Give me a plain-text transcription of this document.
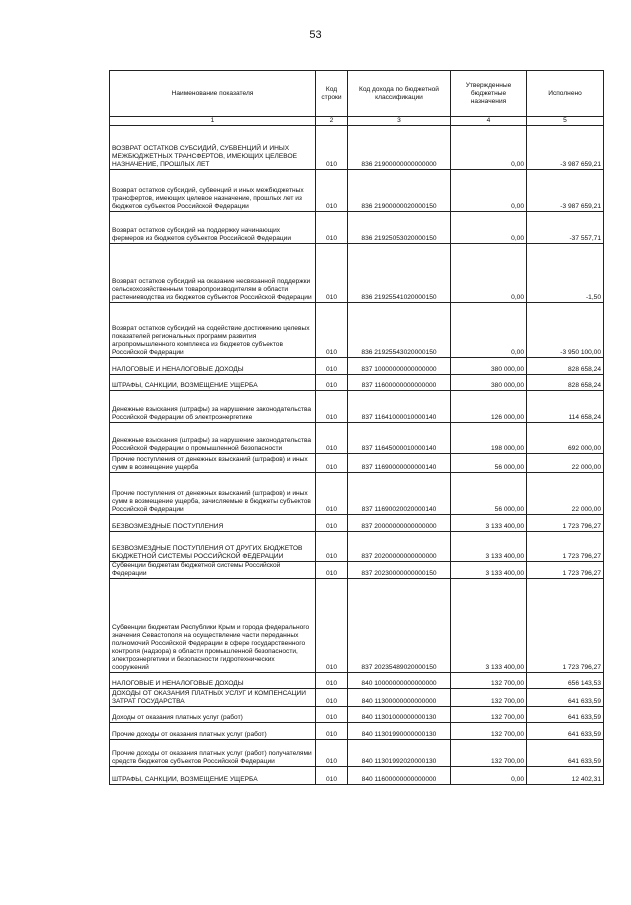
53
Наименование показателя	Код строки	Код дохода по бюджетной классификации	Утвержденные бюджетные назначения	Исполнено
1	2	3	4	5
ВОЗВРАТ ОСТАТКОВ СУБСИДИЙ, СУБВЕНЦИЙ И ИНЫХ МЕЖБЮДЖЕТНЫХ ТРАНСФЕРТОВ, ИМЕЮЩИХ ЦЕЛЕВОЕ НАЗНАЧЕНИЕ, ПРОШЛЫХ ЛЕТ	010	836 21900000000000000	0,00	-3 987 659,21
Возврат остатков субсидий, субвенций и иных межбюджетных трансфертов, имеющих целевое назначение, прошлых лет из бюджетов субъектов Российской Федерации	010	836 21900000020000150	0,00	-3 987 659,21
Возврат остатков субсидий на поддержку начинающих фермеров из бюджетов субъектов Российской Федерации	010	836 21925053020000150	0,00	-37 557,71
Возврат остатков субсидий на оказание несвязанной поддержки сельскохозяйственным товаропроизводителям в области растениеводства из бюджетов субъектов Российской Федерации	010	836 21925541020000150	0,00	-1,50
Возврат остатков субсидий на содействие достижению целевых показателей региональных программ развития агропромышленного комплекса из бюджетов субъектов Российской Федерации	010	836 21925543020000150	0,00	-3 950 100,00
НАЛОГОВЫЕ И НЕНАЛОГОВЫЕ ДОХОДЫ	010	837 10000000000000000	380 000,00	828 658,24
ШТРАФЫ, САНКЦИИ, ВОЗМЕЩЕНИЕ УЩЕРБА	010	837 11600000000000000	380 000,00	828 658,24
Денежные взыскания (штрафы) за нарушение законодательства Российской Федерации об электроэнергетике	010	837 11641000010000140	126 000,00	114 658,24
Денежные взыскания (штрафы) за нарушение законодательства Российской Федерации о промышленной безопасности	010	837 11645000010000140	198 000,00	692 000,00
Прочие поступления от денежных взысканий (штрафов) и иных сумм в возмещение ущерба	010	837 11690000000000140	56 000,00	22 000,00
Прочие поступления от денежных взысканий (штрафов) и иных сумм в возмещение ущерба, зачисляемые в бюджеты субъектов Российской Федерации	010	837 11690020020000140	56 000,00	22 000,00
БЕЗВОЗМЕЗДНЫЕ ПОСТУПЛЕНИЯ	010	837 20000000000000000	3 133 400,00	1 723 796,27
БЕЗВОЗМЕЗДНЫЕ ПОСТУПЛЕНИЯ ОТ ДРУГИХ БЮДЖЕТОВ БЮДЖЕТНОЙ СИСТЕМЫ РОССИЙСКОЙ ФЕДЕРАЦИИ	010	837 20200000000000000	3 133 400,00	1 723 796,27
Субвенции бюджетам бюджетной системы Российской Федерации	010	837 20230000000000150	3 133 400,00	1 723 796,27
Субвенции бюджетам Республики Крым и города федерального значения Севастополя на осуществление части переданных полномочий Российской Федерации в сфере государственного контроля (надзора) в области промышленной безопасности, электроэнергетики и безопасности гидротехнических сооружений	010	837 20235489020000150	3 133 400,00	1 723 796,27
НАЛОГОВЫЕ И НЕНАЛОГОВЫЕ ДОХОДЫ	010	840 10000000000000000	132 700,00	656 143,53
ДОХОДЫ ОТ ОКАЗАНИЯ ПЛАТНЫХ УСЛУГ И КОМПЕНСАЦИИ ЗАТРАТ ГОСУДАРСТВА	010	840 11300000000000000	132 700,00	641 633,59
Доходы от оказания платных услуг (работ)	010	840 11301000000000130	132 700,00	641 633,59
Прочие доходы от оказания платных услуг (работ)	010	840 11301990000000130	132 700,00	641 633,59
Прочие доходы от оказания платных услуг (работ) получателями средств бюджетов субъектов Российской Федерации	010	840 11301992020000130	132 700,00	641 633,59
ШТРАФЫ, САНКЦИИ, ВОЗМЕЩЕНИЕ УЩЕРБА	010	840 11600000000000000	0,00	12 402,31
